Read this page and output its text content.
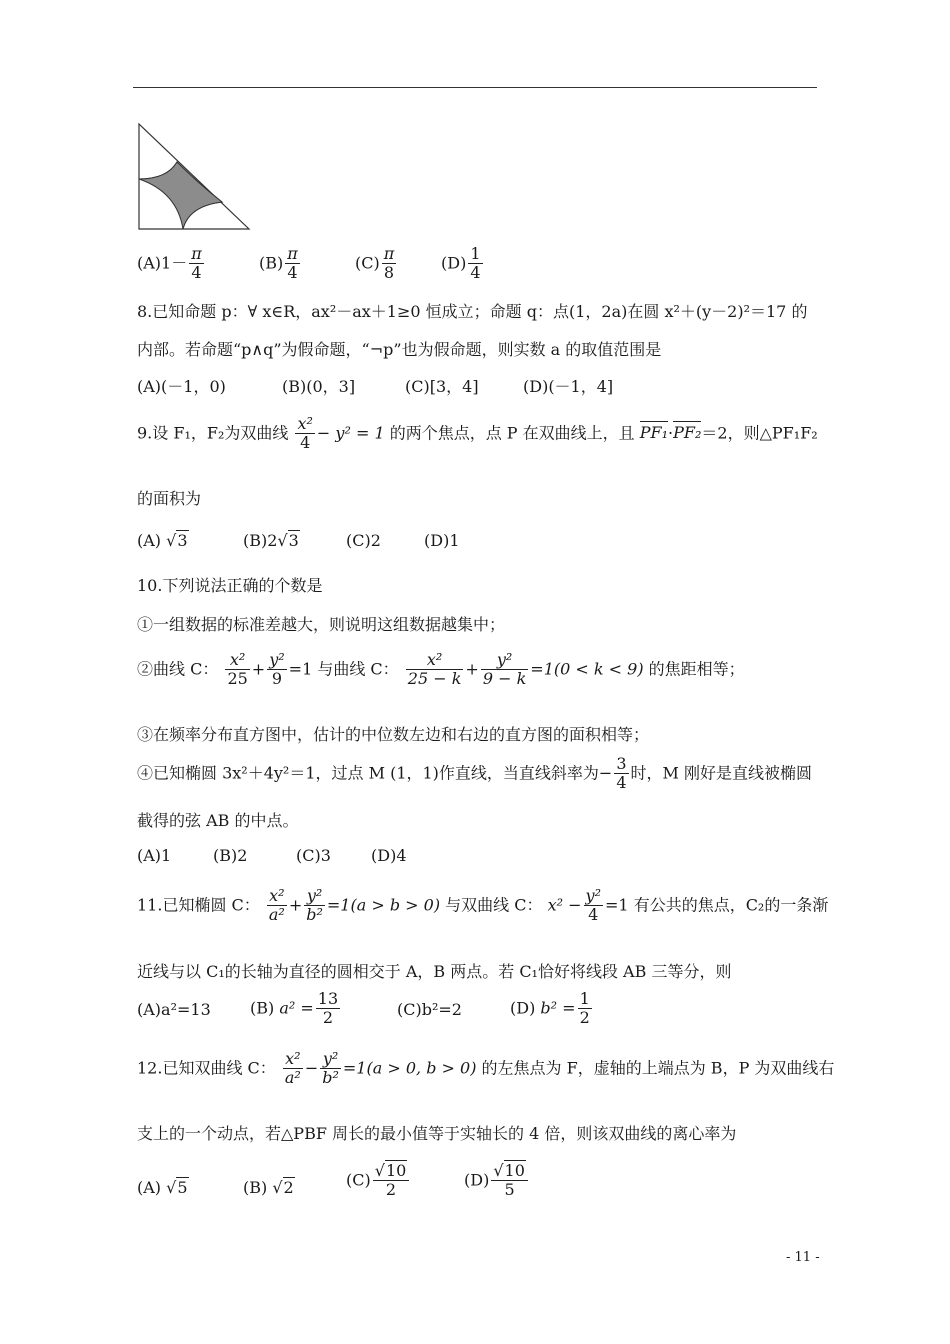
$(A)1- \frac{\pi}{4}$	$(B) \frac{\pi}{4}$	$(C) \frac{\pi}{8}$	$(D) \frac{1}{4}$
8.已知命题 p：∀ x∈R，ax²－ax＋1≥0 恒成立；命题 q：点(1，2a)在圆 x²＋(y－2)²＝17 的
内部。若命题“p∧q”为假命题，“¬p”也为假命题，则实数 a 的取值范围是
(A)(－1，0)	(B)(0，3]	(C)[3，4]	(D)(－1，4]
9.设 F₁，F₂为双曲线 $\frac{\text{x²}}{4} - y^2 = 1$ 的两个焦点，点 P 在双曲线上，且 PF₁·PF₂＝2，则△PF₁F₂
的面积为
(A) √3	(B)2√3	(C)2	(D)1
10.下列说法正确的个数是
①一组数据的标准差越大，则说明这组数据越集中；
②曲线 C： $\frac{\text{x²}}{25} + \frac{\text{y²}}{9} =1$ 与曲线 C： $\frac{\text{x²}}{25 - k} + \frac{\text{y²}}{9 - k} =1(0 < k < 9)$ 的焦距相等；
③在频率分布直方图中，估计的中位数左边和右边的直方图的面积相等；
④已知椭圆 3x²＋4y²＝1，过点 M (1，1)作直线，当直线斜率为− $\frac{3}{4}$ 时，M 刚好是直线被椭圆
截得的弦 AB 的中点。
(A)1	(B)2	(C)3	(D)4
11.已知椭圆 C： $\frac{\text{x²}}{\text{a²}} + \frac{\text{y²}}{\text{b²}} =1(a > b > 0)$ 与双曲线 C： $x^2 - \frac{\text{y²}}{4} =1$ 有公共的焦点，C₂的一条渐
近线与以 C₁的长轴为直径的圆相交于 A，B 两点。若 C₁恰好将线段 AB 三等分，则
(A)a²=13 (B) $a^2 = \frac{13}{2}$	(C)b²=2	(D) $b^2 = \frac{1}{2}$
12.已知双曲线 C： $\frac{\text{x²}}{\text{a²}} - \frac{\text{y²}}{\text{b²}} =1(a > 0$, b > 0) 的左焦点为 F，虚轴的上端点为 B，P 为双曲线右
支上的一个动点，若△PBF 周长的最小值等于实轴长的 4 倍，则该双曲线的离心率为
(A) √5	(B) √2	$(C) \frac{√10}{2}$	$(D) \frac{√10}{5}$
- 11 -
